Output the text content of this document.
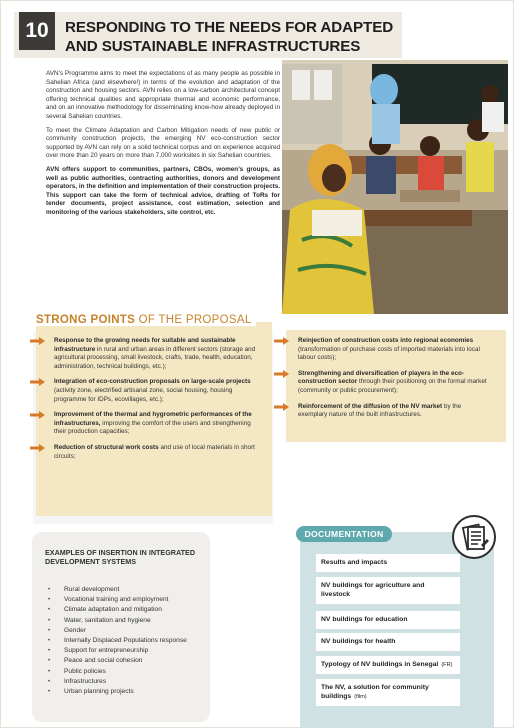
10	RESPONDING TO THE NEEDS FOR ADAPTED AND SUSTAINABLE INFRASTRUCTURES

AVN’s Programme aims to meet the expectations of as many people as possible in Sahelian Africa (and elsewhere!) in terms of the evolution and adaptation of the construction and housing sectors. AVN relies on a low-carbon architectural concept offering technical qualities and appropriate thermal and economic performance, and on an innovative methodology for disseminating know-how already deployed in several Sahelian countries.

To meet the Climate Adaptation and Carbon Mitigation needs of new public or community construction projects, the emerging NV eco-construction sector supported by AVN can rely on a solid technical corpus and on experience acquired over more than 20 years on more than 7,000 worksites in six Sahelian countries.

AVN offers support to communities, partners, CBOs, women’s groups, as well as public authorities, contracting authorities, donors and development operators, in the definition and implementation of their construction projects. This support can take the form of technical advice, drafting of ToRs for tender documents, project assistance, cost estimation, selection and monitoring of the various stakeholders, site control, etc.

STRONG POINTS OF THE PROPOSAL
Response to the growing needs for suitable and sustainable infrastructure in rural and urban areas in different sectors (storage and agricultural processing, small livestock, crafts, trade, health, education, administration, technical buildings, etc.);
Integration of eco-construction proposals on large-scale projects (activity zone, electrified artisanal zone, social housing, housing programme for IDPs, ecovillages, etc.);
Improvement of the thermal and hygrometric performances of the infrastructures, improving the comfort of the users and strengthening their production capacities;
Reduction of structural work costs and use of local materials in short circuits;
Reinjection of construction costs into regional economies (transformation of purchase costs of imported materials into local labour costs);
Strengthening and diversification of players in the eco-construction sector through their positioning on the formal market (community or public procurement);
Reinforcement of the diffusion of the NV market by the exemplary nature of the built infrastructures.
EXAMPLES OF INSERTION IN INTEGRATED DEVELOPMENT SYSTEMS
• Rural development
• Vocational training and employment
• Climate adaptation and mitigation
• Water, sanitation and hygiene
• Gender
• Internally Displaced Populations response
• Support for entrepreneurship
• Peace and social cohesion
• Public policies
• Infrastructures
• Urban planning projects
DOCUMENTATION
Results and impacts
NV buildings for agriculture and livestock
NV buildings for education
NV buildings for health
Typology of NV buildings in Senegal (FR)
The NV, a solution for community buildings (film)
